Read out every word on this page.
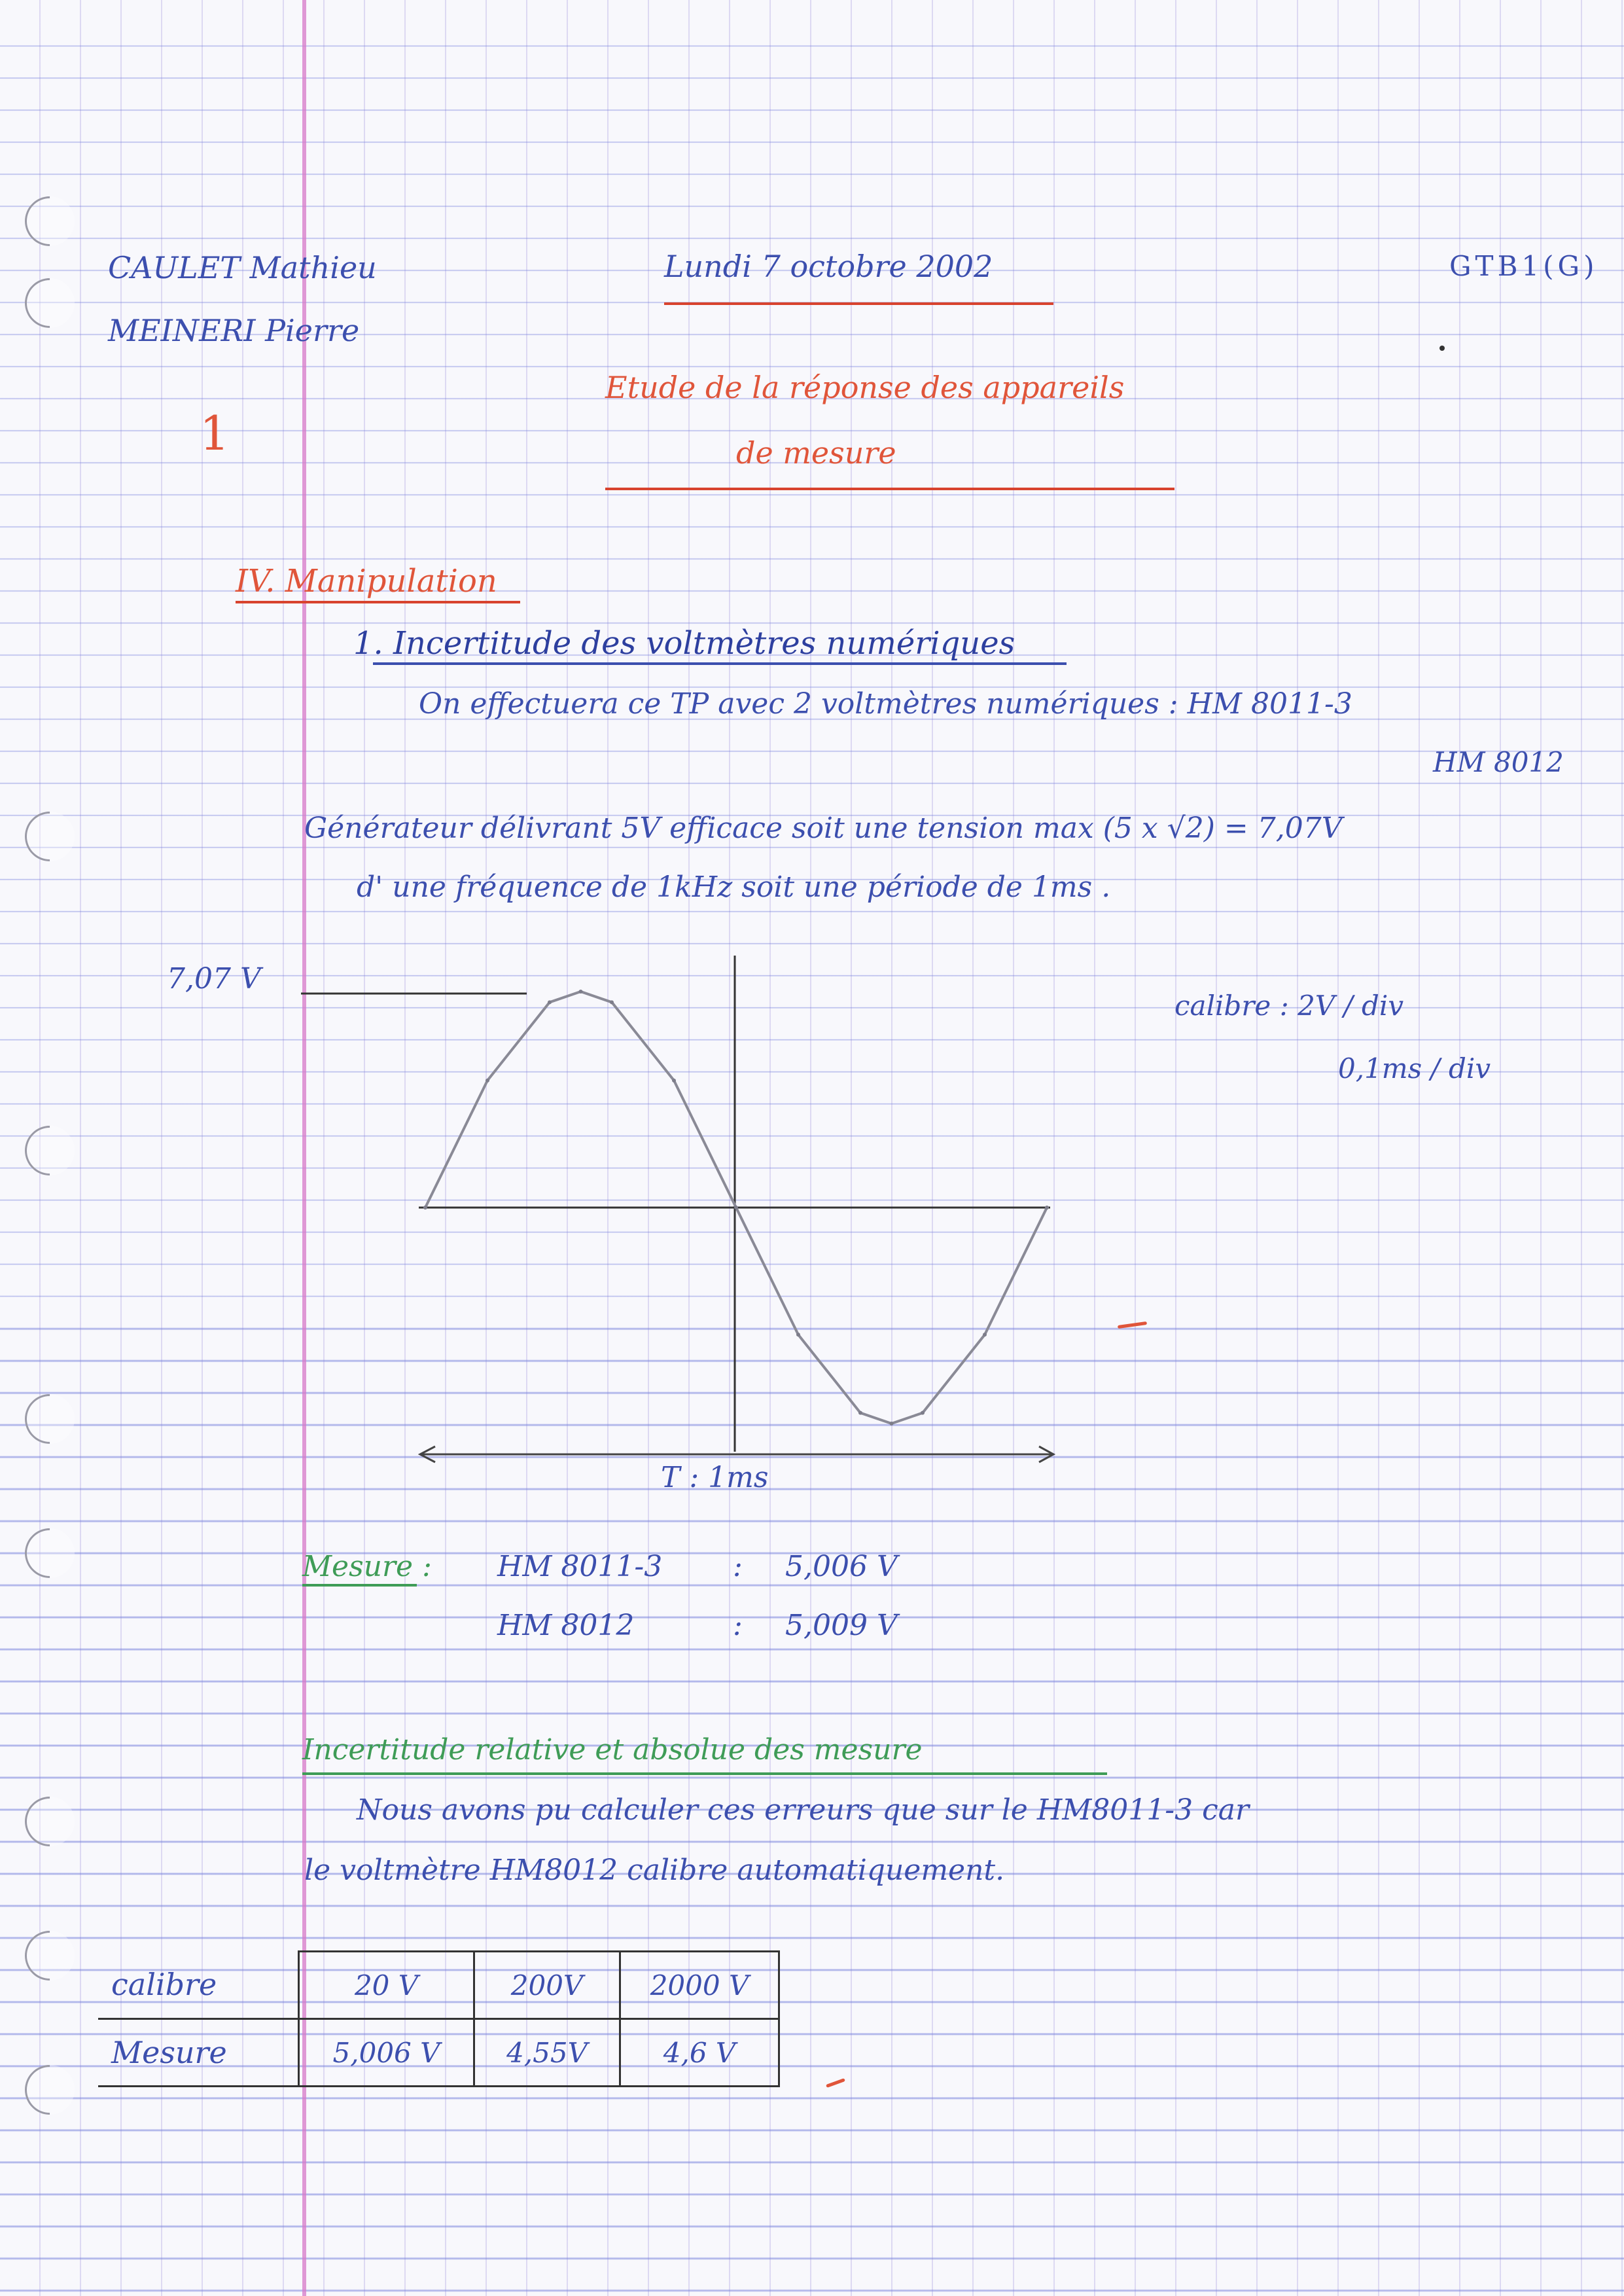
CAULET Mathieu
MEINERI Pierre
Lundi 7 octobre 2002	GTB1(G)
1
Etude de la réponse des appareils
de mesure
IV. Manipulation
1. Incertitude des voltmètres numériques
On effectuera ce TP avec 2 voltmètres numériques : HM 8011-3
HM 8012
Générateur délivrant 5V efficace soit une tension max (5 x √2) = 7,07V
d' une fréquence de 1kHz soit une période de 1ms .
7,07 V
T : 1ms
calibre : 2V / div
0,1ms / div
Mesure : HM 8011-3 : 5,006 V
HM 8012	: 5,009 V
Incertitude relative et absolue des mesure
Nous avons pu calculer ces erreurs que sur le HM8011-3 car
le voltmètre HM8012 calibre automatiquement.
calibre	20 V	200V	2000 V
Mesure	5,006 V	4,55V	4,6 V
